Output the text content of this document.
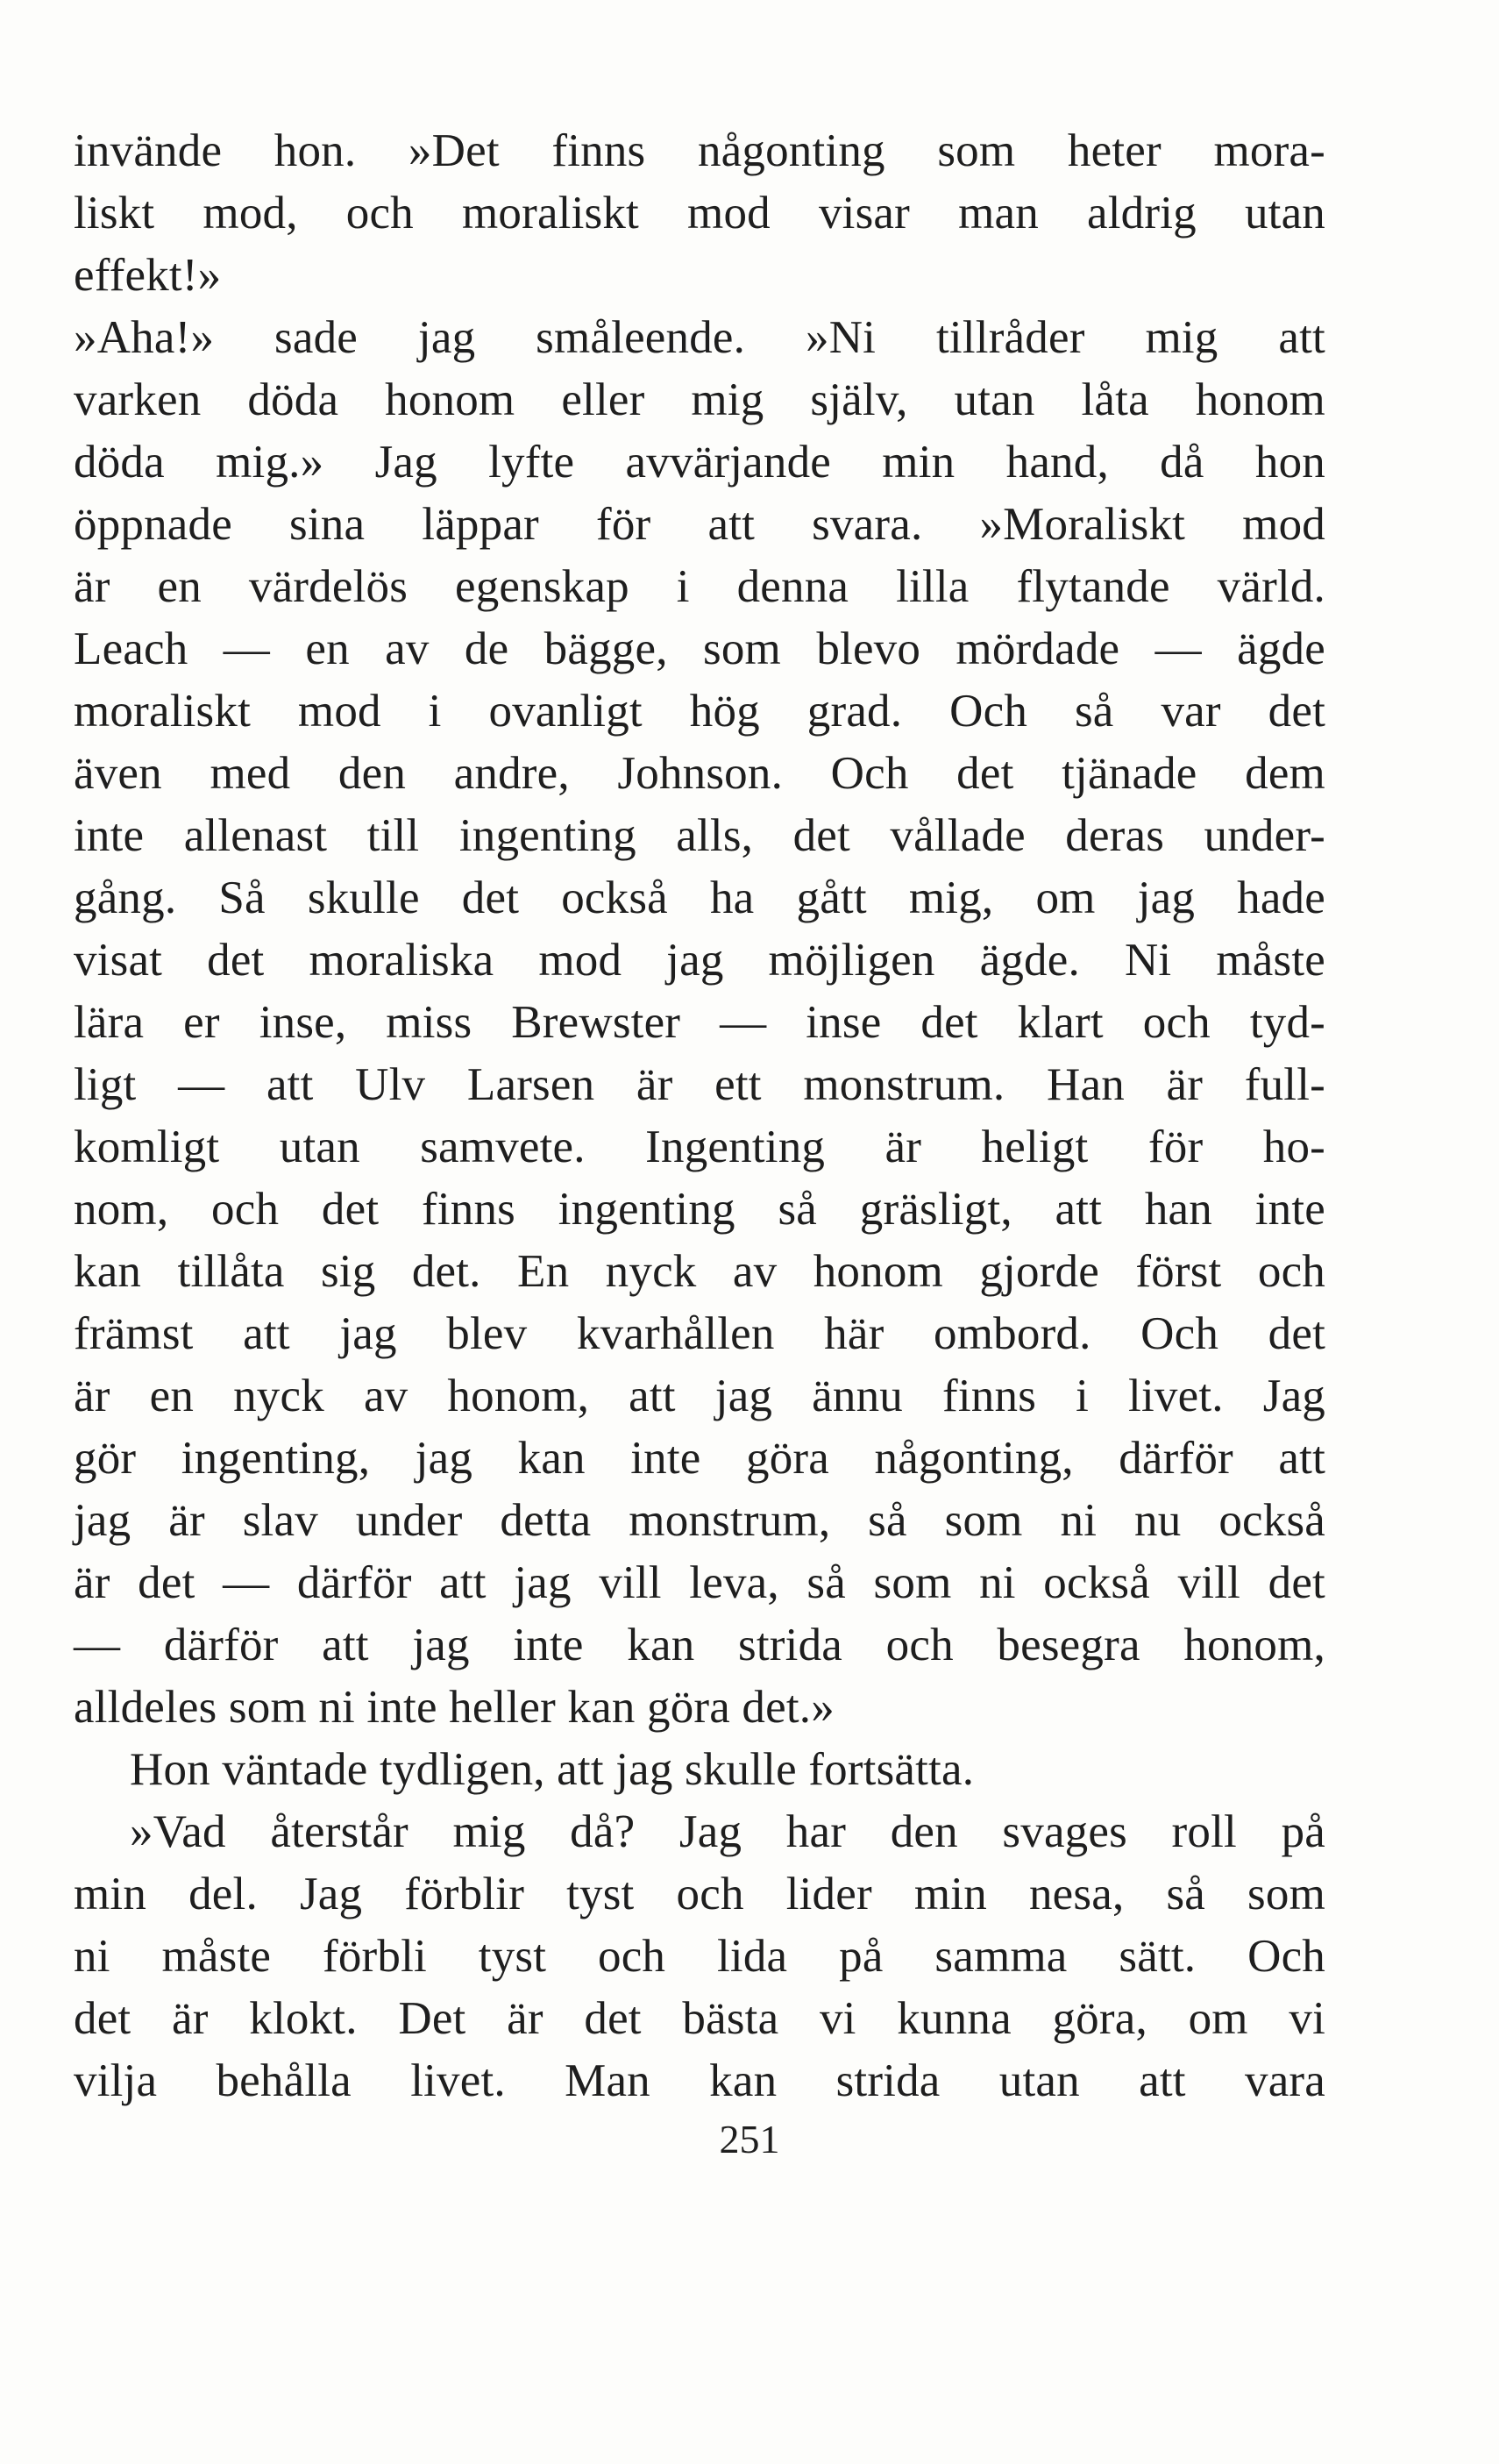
invände hon. »Det finns någonting som heter mora-
liskt mod, och moraliskt mod visar man aldrig utan
effekt!»
»Aha!» sade jag småleende. »Ni tillråder mig att
varken döda honom eller mig själv, utan låta honom
döda mig.» Jag lyfte avvärjande min hand, då hon
öppnade sina läppar för att svara. »Moraliskt mod
är en värdelös egenskap i denna lilla flytande värld.
Leach — en av de bägge, som blevo mördade — ägde
moraliskt mod i ovanligt hög grad. Och så var det
även med den andre, Johnson. Och det tjänade dem
inte allenast till ingenting alls, det vållade deras under-
gång. Så skulle det också ha gått mig, om jag hade
visat det moraliska mod jag möjligen ägde. Ni måste
lära er inse, miss Brewster — inse det klart och tyd-
ligt — att Ulv Larsen är ett monstrum. Han är full-
komligt utan samvete. Ingenting är heligt för ho-
nom, och det finns ingenting så gräsligt, att han inte
kan tillåta sig det. En nyck av honom gjorde först och
främst att jag blev kvarhållen här ombord. Och det
är en nyck av honom, att jag ännu finns i livet. Jag
gör ingenting, jag kan inte göra någonting, därför att
jag är slav under detta monstrum, så som ni nu också
är det — därför att jag vill leva, så som ni också vill det
— därför att jag inte kan strida och besegra honom,
alldeles som ni inte heller kan göra det.»
Hon väntade tydligen, att jag skulle fortsätta.
»Vad återstår mig då? Jag har den svages roll på
min del. Jag förblir tyst och lider min nesa, så som
ni måste förbli tyst och lida på samma sätt. Och
det är klokt. Det är det bästa vi kunna göra, om vi
vilja behålla livet. Man kan strida utan att vara
251
